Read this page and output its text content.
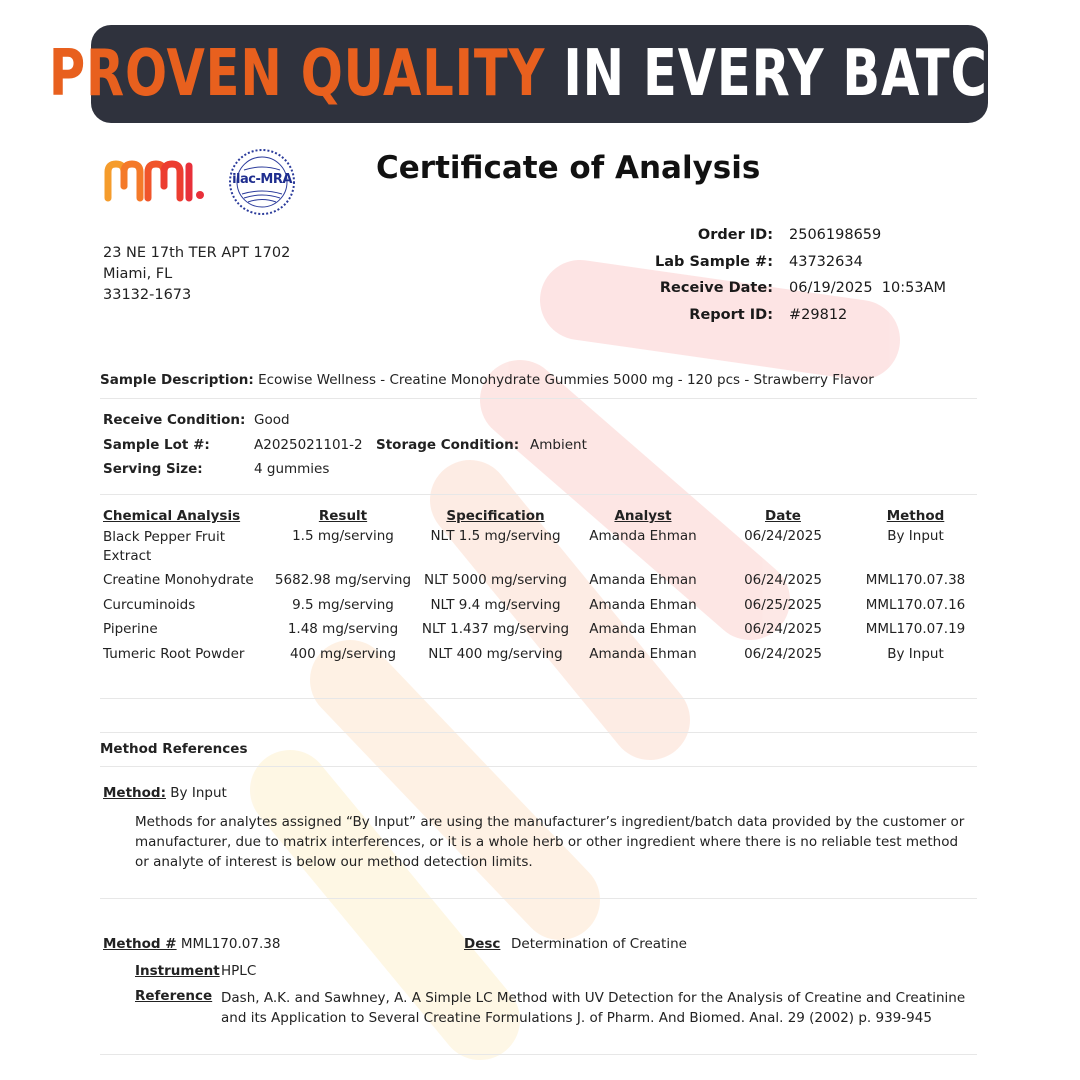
PROVEN QUALITY IN EVERY BATCH
ilac-MRA	Certificate of Analysis
23 NE 17th TER APT 1702
Miami, FL
33132-1673
Order ID:	2506198659
Lab Sample #:	43732634
Receive Date:	06/19/2025  10:53AM
Report ID:	#29812
Sample Description: Ecowise Wellness - Creatine Monohydrate Gummies 5000 mg - 120 pcs - Strawberry Flavor
Receive Condition: Good
Sample Lot #:	A2025021101-2 Storage Condition: Ambient
Serving Size:	4 gummies
Chemical Analysis	Result	Specification	Analyst	Date	Method
Black Pepper Fruit Extract	1.5 mg/serving	NLT 1.5 mg/serving	Amanda Ehman	06/24/2025	By Input
Creatine Monohydrate	5682.98 mg/serving	NLT 5000 mg/serving	Amanda Ehman	06/24/2025	MML170.07.38
Curcuminoids	9.5 mg/serving	NLT 9.4 mg/serving	Amanda Ehman	06/25/2025	MML170.07.16
Piperine	1.48 mg/serving	NLT 1.437 mg/serving	Amanda Ehman	06/24/2025	MML170.07.19
Tumeric Root Powder	400 mg/serving	NLT 400 mg/serving	Amanda Ehman	06/24/2025	By Input
Method References
Method: By Input
Methods for analytes assigned “By Input” are using the manufacturer’s ingredient/batch data provided by the customer or manufacturer, due to matrix interferences, or it is a whole herb or other ingredient where there is no reliable test method or analyte of interest is below our method detection limits.
Method # MML170.07.38	Desc Determination of Creatine
Instrument HPLC
Reference Dash, A.K. and Sawhney, A. A Simple LC Method with UV Detection for the Analysis of Creatine and Creatinine and its Application to Several Creatine Formulations J. of Pharm. And Biomed. Anal. 29 (2002) p. 939-945
